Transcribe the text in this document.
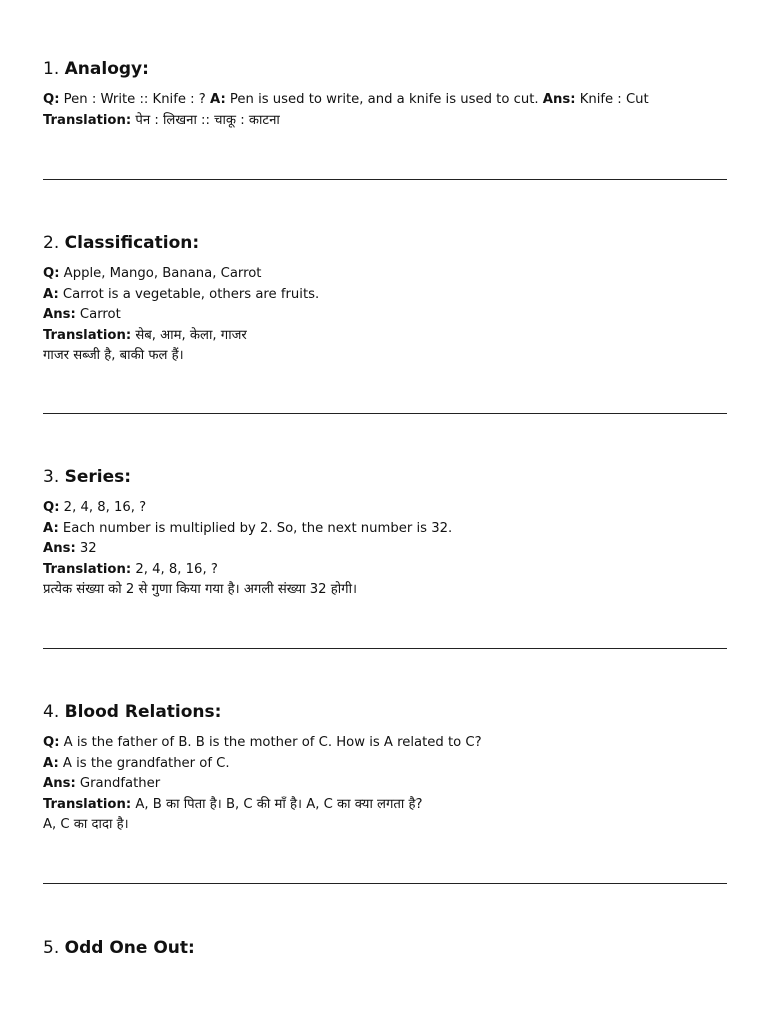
1. Analogy:
Q: Pen : Write :: Knife : ? A: Pen is used to write, and a knife is used to cut. Ans: Knife : Cut
Translation: पेन : लिखना :: चाकू : काटना
2. Classification:
Q: Apple, Mango, Banana, Carrot
A: Carrot is a vegetable, others are fruits.
Ans: Carrot
Translation: सेब, आम, केला, गाजर
गाजर सब्जी है, बाकी फल हैं।
3. Series:
Q: 2, 4, 8, 16, ?
A: Each number is multiplied by 2. So, the next number is 32.
Ans: 32
Translation: 2, 4, 8, 16, ?
प्रत्येक संख्या को 2 से गुणा किया गया है। अगली संख्या 32 होगी।
4. Blood Relations:
Q: A is the father of B. B is the mother of C. How is A related to C?
A: A is the grandfather of C.
Ans: Grandfather
Translation: A, B का पिता है। B, C की माँ है। A, C का क्या लगता है?
A, C का दादा है।
5. Odd One Out:
